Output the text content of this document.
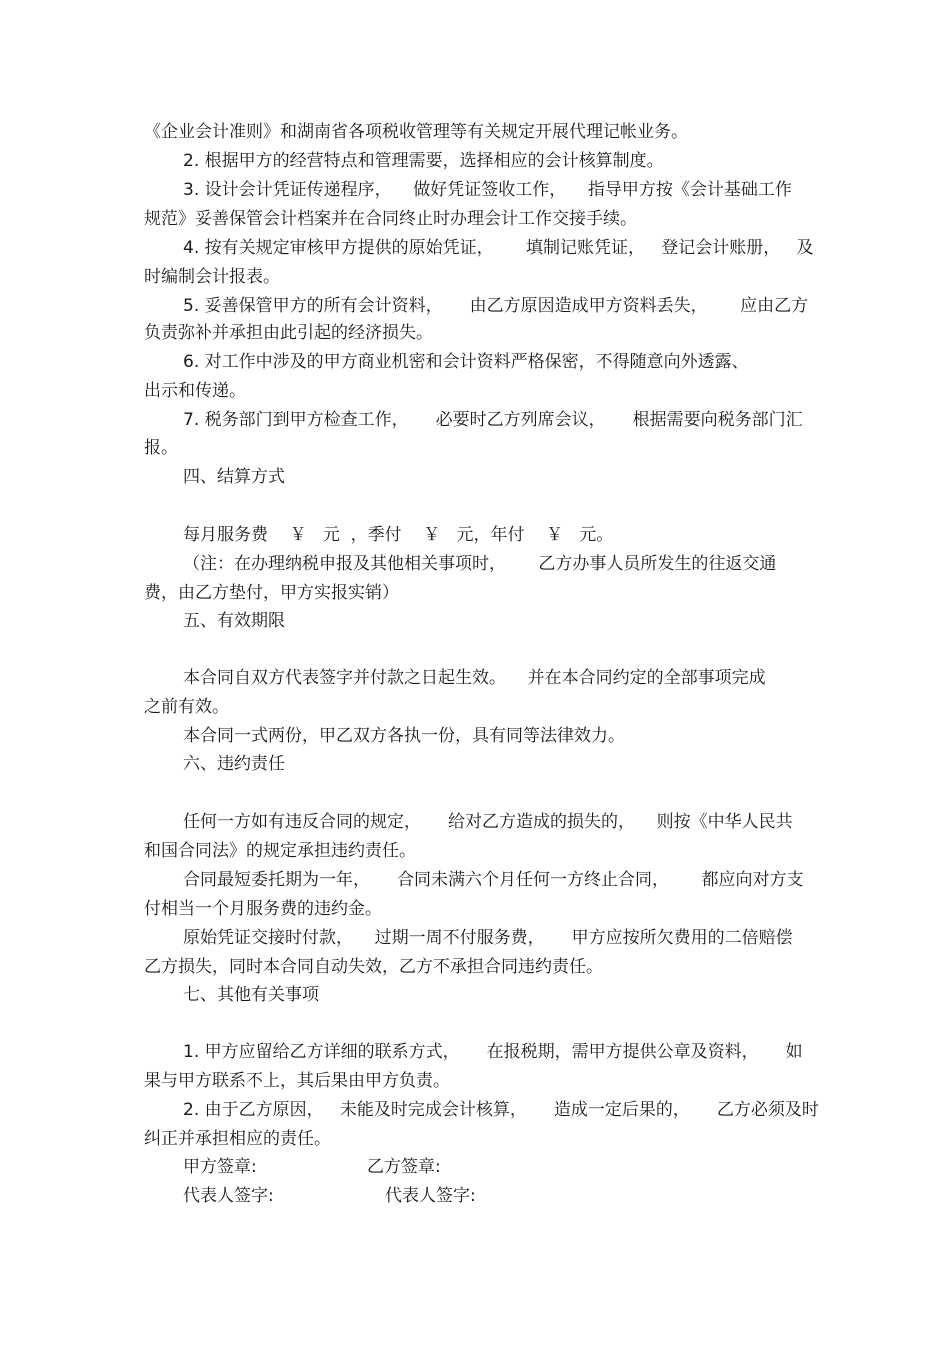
《企业会计准则》和湖南省各项税收管理等有关规定开展代理记帐业务。
2. 根据甲方的经营特点和管理需要，选择相应的会计核算制度。
3. 设计会计凭证传递程序，    做好凭证签收工作，    指导甲方按《会计基础工作
规范》妥善保管会计档案并在合同终止时办理会计工作交接手续。
4. 按有关规定审核甲方提供的原始凭证，      填制记账凭证，   登记会计账册，   及
时编制会计报表。
5. 妥善保管甲方的所有会计资料，     由乙方原因造成甲方资料丢失，      应由乙方
负责弥补并承担由此引起的经济损失。
6. 对工作中涉及的甲方商业机密和会计资料严格保密，不得随意向外透露、
出示和传递。
7. 税务部门到甲方检查工作，     必要时乙方列席会议，     根据需要向税务部门汇
报。
四、结算方式
每月服务费    ￥   元  ，季付    ￥   元，年付    ￥   元。
（注：在办理纳税申报及其他相关事项时，      乙方办事人员所发生的往返交通
费，由乙方垫付，甲方实报实销）
五、有效期限
本合同自双方代表签字并付款之日起生效。    并在本合同约定的全部事项完成
之前有效。
本合同一式两份，甲乙双方各执一份，具有同等法律效力。
六、违约责任
任何一方如有违反合同的规定，     给对乙方造成的损失的，    则按《中华人民共
和国合同法》的规定承担违约责任。
合同最短委托期为一年，     合同未满六个月任何一方终止合同，      都应向对方支
付相当一个月服务费的违约金。
原始凭证交接时付款，    过期一周不付服务费，     甲方应按所欠费用的二倍赔偿
乙方损失，同时本合同自动失效，乙方不承担合同违约责任。
七、其他有关事项
1. 甲方应留给乙方详细的联系方式，     在报税期，需甲方提供公章及资料，     如
果与甲方联系不上，其后果由甲方负责。
2. 由于乙方原因，   未能及时完成会计核算，     造成一定后果的，     乙方必须及时
纠正并承担相应的责任。
甲方签章:	乙方签章:
代表人签字:	代表人签字:
